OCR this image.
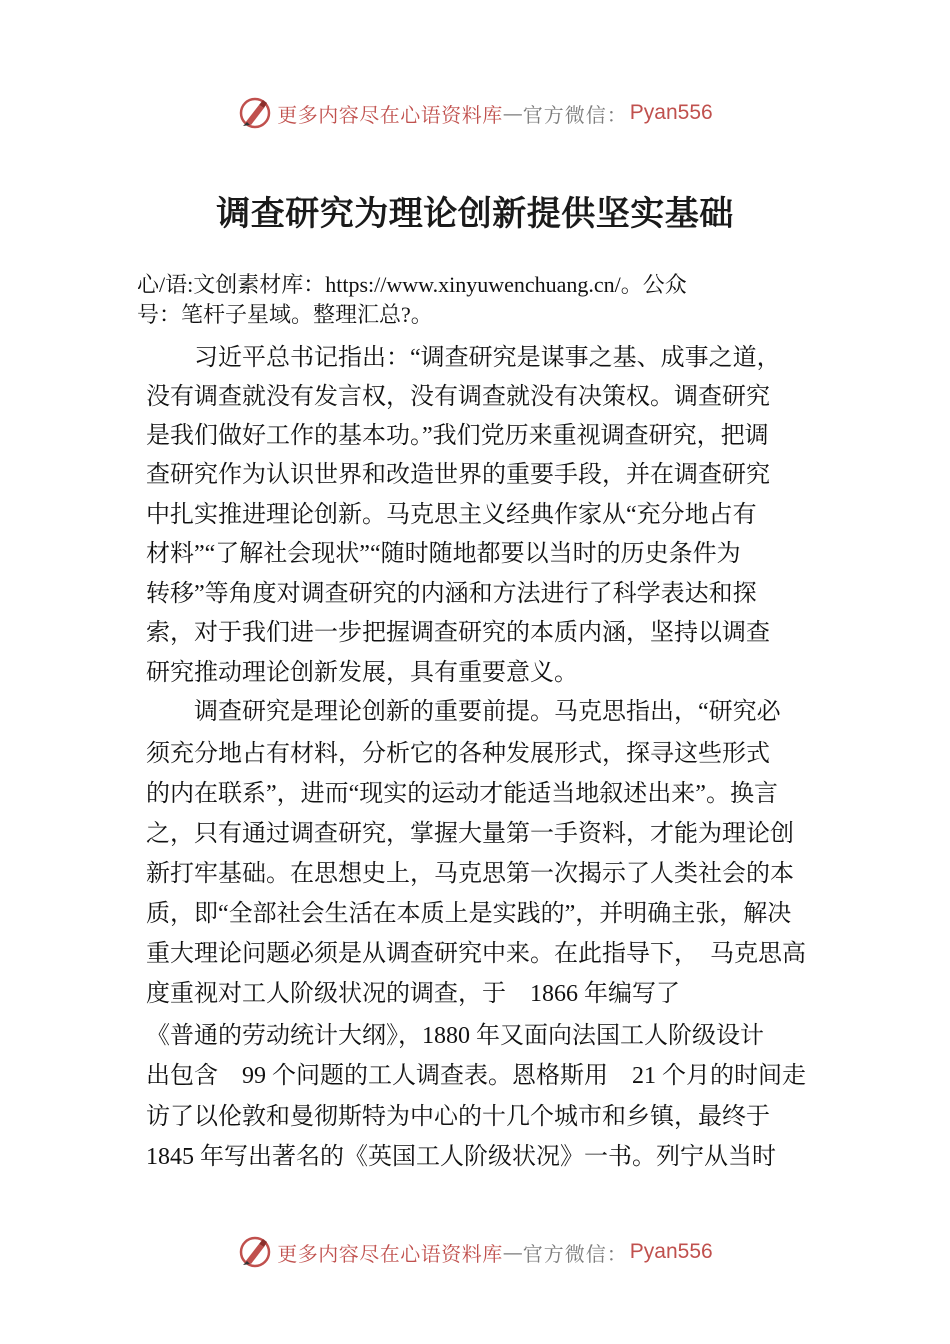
更多内容尽在心语资料库 — 官方微信： Pyan556
调查研究为理论创新提供坚实基础
心/语:文创素材库：https://www.xinyuwenchuang.cn/。公众
号：笔杆子星域。整理汇总?。
　　习近平总书记指出：“调查研究是谋事之基、成事之道，
没有调查就没有发言权，没有调查就没有决策权。调查研究
是我们做好工作的基本功。”我们党历来重视调查研究，把调
查研究作为认识世界和改造世界的重要手段，并在调查研究
中扎实推进理论创新。马克思主义经典作家从“充分地占有
材料”“了解社会现状”“随时随地都要以当时的历史条件为
转移”等角度对调查研究的内涵和方法进行了科学表达和探
索，对于我们进一步把握调查研究的本质内涵，坚持以调查
研究推动理论创新发展，具有重要意义。
　　调查研究是理论创新的重要前提。马克思指出，“研究必
须充分地占有材料，分析它的各种发展形式，探寻这些形式
的内在联系”，进而“现实的运动才能适当地叙述出来”。换言
之，只有通过调查研究，掌握大量第一手资料，才能为理论创
新打牢基础。在思想史上，马克思第一次揭示了人类社会的本
质，即“全部社会生活在本质上是实践的”，并明确主张，解决
重大理论问题必须是从调查研究中来。在此指导下，　马克思高
度重视对工人阶级状况的调查，于　1866 年编写了
《普通的劳动统计大纲》，1880 年又面向法国工人阶级设计
出包含　99 个问题的工人调查表。恩格斯用　21 个月的时间走
访了以伦敦和曼彻斯特为中心的十几个城市和乡镇，最终于
1845 年写出著名的《英国工人阶级状况》一书。列宁从当时
更多内容尽在心语资料库 — 官方微信： Pyan556
